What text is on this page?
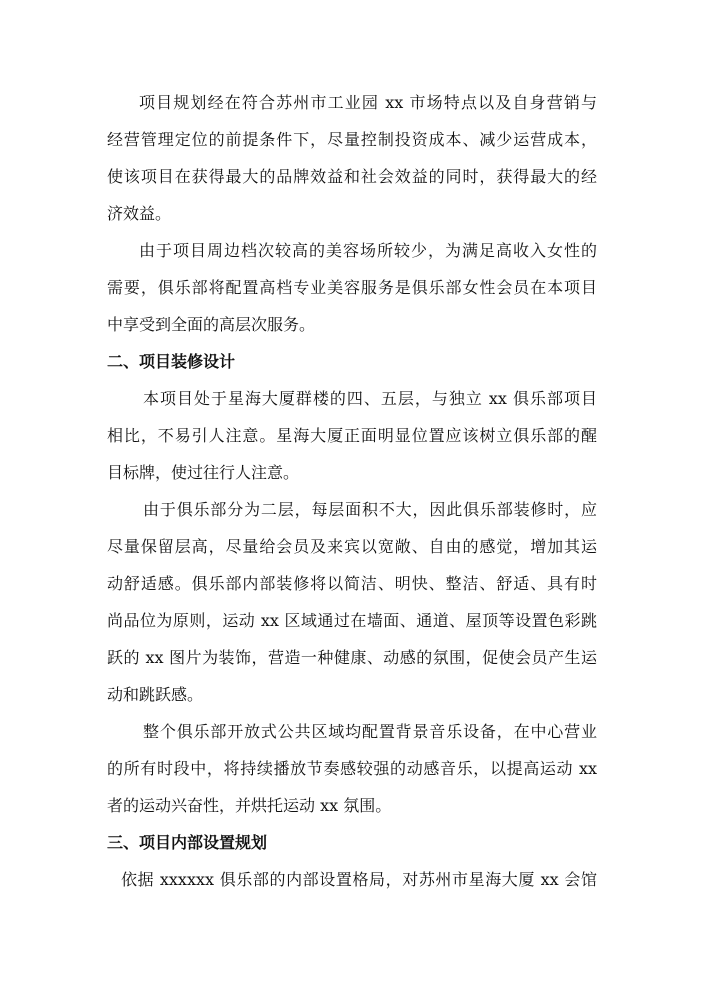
项目规划经在符合苏州市工业园 xx 市场特点以及自身营销与
经营管理定位的前提条件下，尽量控制投资成本、减少运营成本，
使该项目在获得最大的品牌效益和社会效益的同时，获得最大的经
济效益。
由于项目周边档次较高的美容场所较少，为满足高收入女性的
需要，俱乐部将配置高档专业美容服务是俱乐部女性会员在本项目
中享受到全面的高层次服务。
二、项目装修设计
本项目处于星海大厦群楼的四、五层，与独立 xx 俱乐部项目
相比，不易引人注意。星海大厦正面明显位置应该树立俱乐部的醒
目标牌，使过往行人注意。
由于俱乐部分为二层，每层面积不大，因此俱乐部装修时，应
尽量保留层高，尽量给会员及来宾以宽敞、自由的感觉，增加其运
动舒适感。俱乐部内部装修将以简洁、明快、整洁、舒适、具有时
尚品位为原则，运动 xx 区域通过在墙面、通道、屋顶等设置色彩跳
跃的 xx 图片为装饰，营造一种健康、动感的氛围，促使会员产生运
动和跳跃感。
整个俱乐部开放式公共区域均配置背景音乐设备，在中心营业
的所有时段中，将持续播放节奏感较强的动感音乐，以提高运动 xx
者的运动兴奋性，并烘托运动 xx 氛围。
三、项目内部设置规划
依据 xxxxxx 俱乐部的内部设置格局，对苏州市星海大厦 xx 会馆
